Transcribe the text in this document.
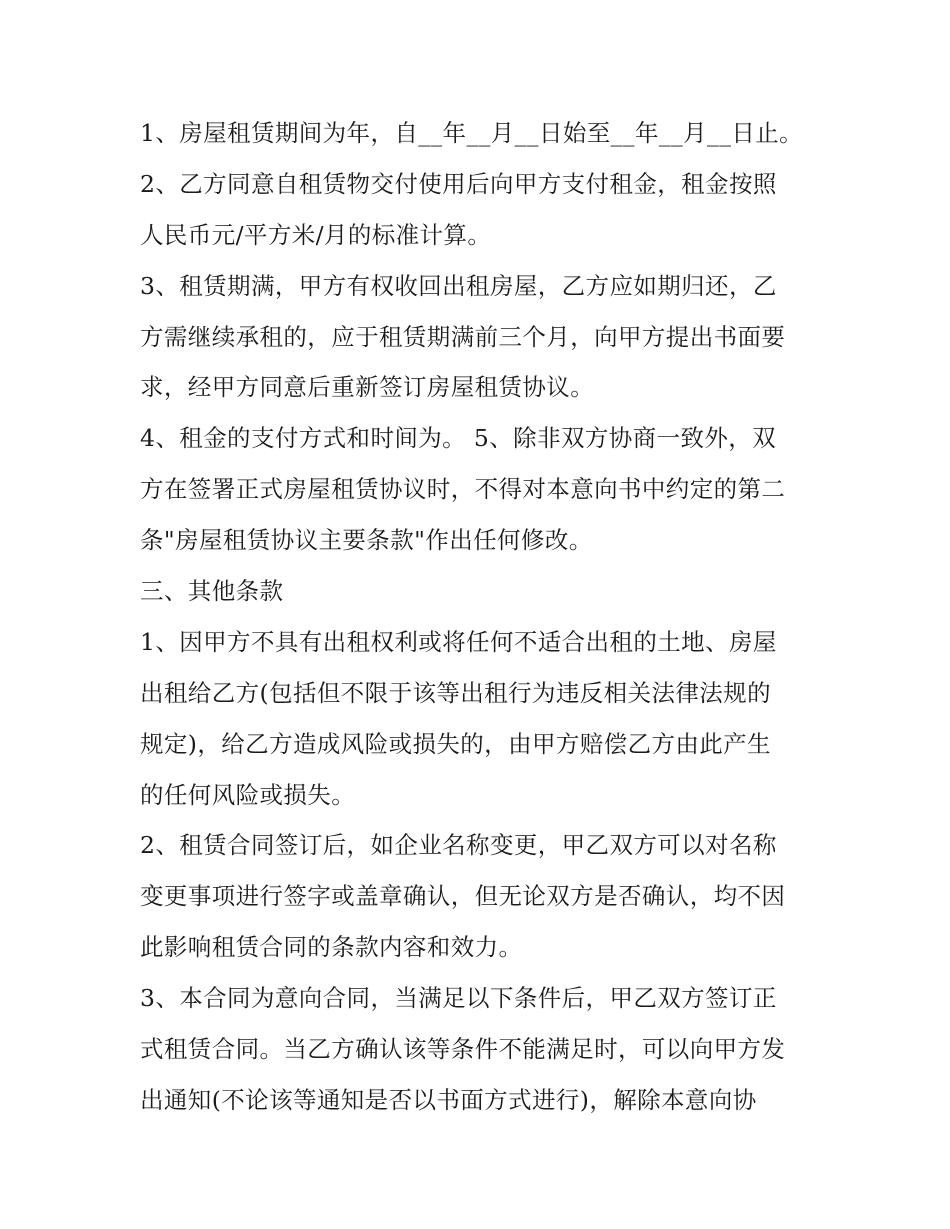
1、房屋租赁期间为年，自__年__月__日始至__年__月__日止。
2、乙方同意自租赁物交付使用后向甲方支付租金，租金按照
人民币元/平方米/月的标准计算。
3、租赁期满，甲方有权收回出租房屋，乙方应如期归还，乙
方需继续承租的，应于租赁期满前三个月，向甲方提出书面要
求，经甲方同意后重新签订房屋租赁协议。
4、租金的支付方式和时间为。 5、除非双方协商一致外，双
方在签署正式房屋租赁协议时，不得对本意向书中约定的第二
条"房屋租赁协议主要条款"作出任何修改。
三、其他条款
1、因甲方不具有出租权利或将任何不适合出租的土地、房屋
出租给乙方(包括但不限于该等出租行为违反相关法律法规的
规定)，给乙方造成风险或损失的，由甲方赔偿乙方由此产生
的任何风险或损失。
2、租赁合同签订后，如企业名称变更，甲乙双方可以对名称
变更事项进行签字或盖章确认，但无论双方是否确认，均不因
此影响租赁合同的条款内容和效力。
3、本合同为意向合同，当满足以下条件后，甲乙双方签订正
式租赁合同。当乙方确认该等条件不能满足时，可以向甲方发
出通知(不论该等通知是否以书面方式进行)，解除本意向协
